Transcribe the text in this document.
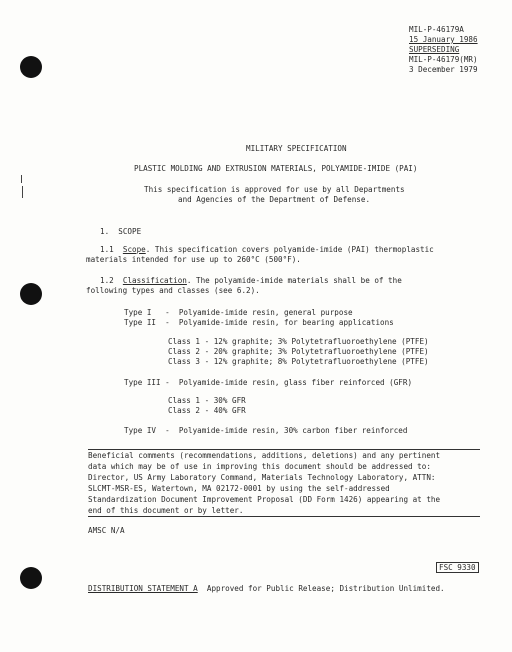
MIL-P-46179A
15 January 1986
SUPERSEDING
MIL-P-46179(MR)
3 December 1979
MILITARY SPECIFICATION
PLASTIC MOLDING AND EXTRUSION MATERIALS, POLYAMIDE-IMIDE (PAI)
This specification is approved for use by all Departments
and Agencies of the Department of Defense.
1.  SCOPE
1.1 Scope. This specification covers polyamide-imide (PAI) thermoplastic
materials intended for use up to 260°C (500°F).
1.2 Classification. The polyamide-imide materials shall be of the
following types and classes (see 6.2).
Type I   -  Polyamide-imide resin, general purpose
Type II  -  Polyamide-imide resin, for bearing applications
Class 1 - 12% graphite; 3% Polytetrafluoroethylene (PTFE)
Class 2 - 20% graphite; 3% Polytetrafluoroethylene (PTFE)
Class 3 - 12% graphite; 8% Polytetrafluoroethylene (PTFE)
Type III -  Polyamide-imide resin, glass fiber reinforced (GFR)
Class 1 - 30% GFR
Class 2 - 40% GFR
Type IV  -  Polyamide-imide resin, 30% carbon fiber reinforced
Beneficial comments (recommendations, additions, deletions) and any pertinent
data which may be of use in improving this document should be addressed to:
Director, US Army Laboratory Command, Materials Technology Laboratory, ATTN:
SLCMT-MSR-ES, Watertown, MA 02172-0001 by using the self-addressed
Standardization Document Improvement Proposal (DD Form 1426) appearing at the
end of this document or by letter.
AMSC N/A
FSC 9330
DISTRIBUTION STATEMENT A  Approved for Public Release; Distribution Unlimited.
